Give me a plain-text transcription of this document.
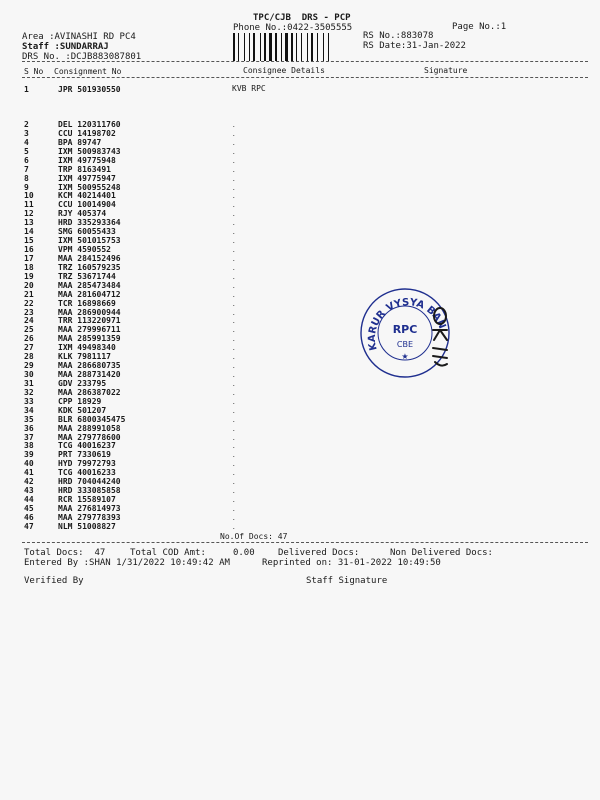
TPC/CJB  DRS - PCP
Phone No.:0422-3505555	Page No.:1
Area :AVINASHI RD PC4
Staff :SUNDARRAJ
DRS No. :DCJB883087801
RS No.:883078
RS Date:31-Jan-2022
S No Consignment No	Consignee Details	Signature
1	JPR 501930550	KVB RPC
2	DEL 120311760	.
3	CCU 14198702	.
4	BPA 89747	.
5	IXM 500983743	.
6	IXM 49775948	.
7	TRP 8163491	.
8	IXM 49775947	.
9	IXM 500955248	.
10	KCM 40214401	.
11	CCU 10014904	.
12	RJY 405374	.
13	HRD 335293364	.
14	SMG 60055433	.
15	IXM 501015753	.
16	VPM 4590552	.
17	MAA 284152496	.
18	TRZ 160579235	.
19	TRZ 53671744	.
20	MAA 285473484	.
21	MAA 281604712	.
22	TCR 16898669	.
23	MAA 286900944	.
24	TRR 113220971	.
25	MAA 279996711	.
26	MAA 285991359	.
27	IXM 49498340	.
28	KLK 7981117	.
29	MAA 286680735	.
30	MAA 288731420	.
31	GDV 233795	.
32	MAA 286387022	.
33	CPP 18929	.
34	KDK 501207	.
35	BLR 6800345475	.
36	MAA 288991058	.
37	MAA 279778600	.
38	TCG 40016237	.
39	PRT 7330619	.
40	HYD 79972793	.
41	TCG 40016233	.
42	HRD 704044240	.
43	HRD 333085858	.
44	RCR 15589107	.
45	MAA 276814973	.
46	MAA 279778393	.
47	NLM 51008827	.
No.Of Docs: 47
Total Docs:  47	Total COD Amt:     0.00	Delivered Docs:	Non Delivered Docs:
Entered By :SHAN 1/31/2022 10:49:42 AM	Reprinted on: 31-01-2022 10:49:50
Verified By	Staff Signature
KARUR VYSYA BANK
RPC
CBE
★
